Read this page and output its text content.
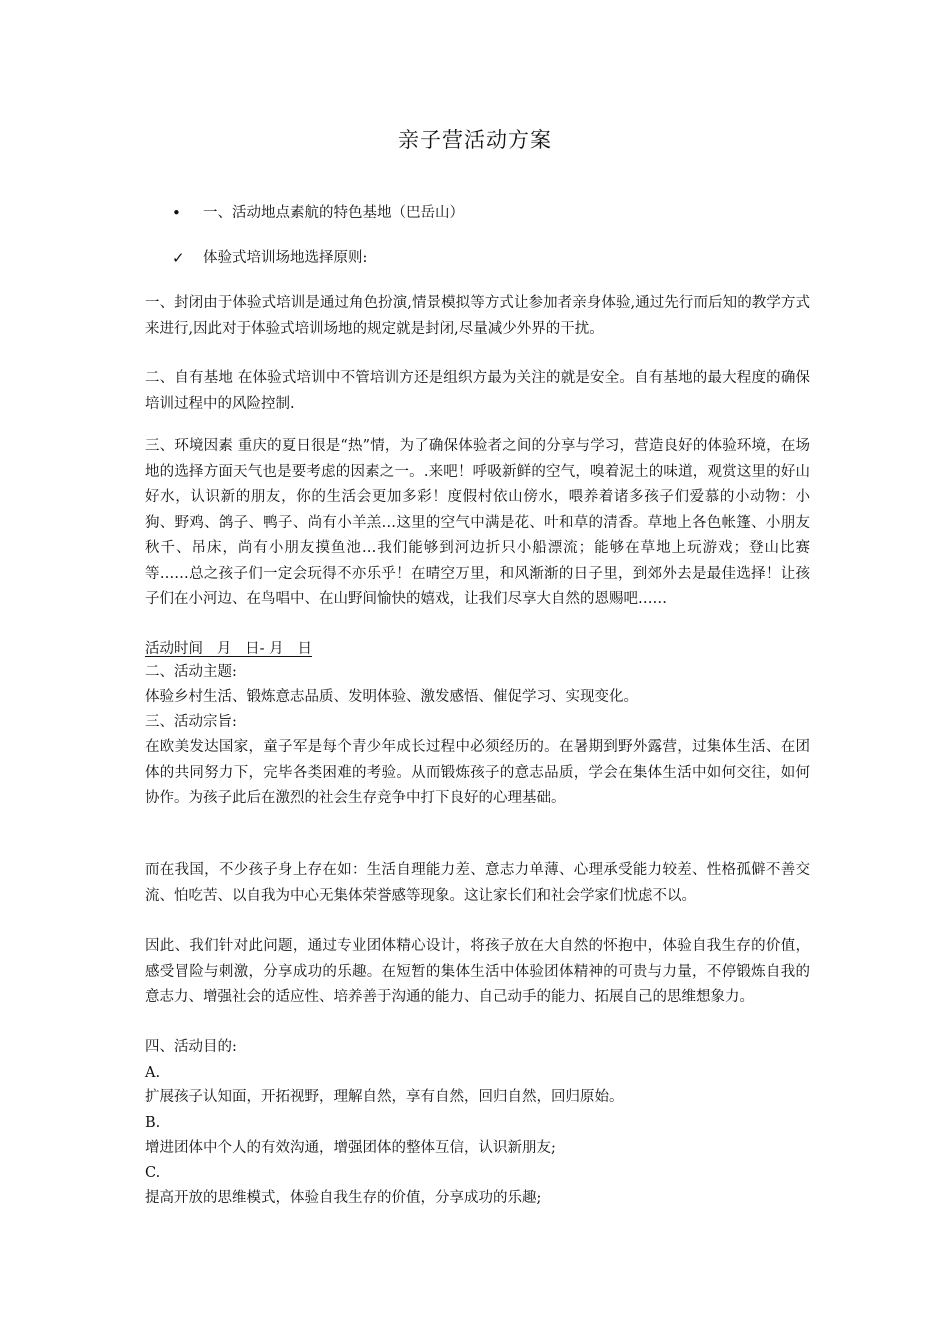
亲子营活动方案
• 一、活动地点素航的特色基地（巴岳山）
✓ 体验式培训场地选择原则:
一、封闭由于体验式培训是通过角色扮演,情景模拟等方式让参加者亲身体验,通过先行而后知的教学方式来进行,因此对于体验式培训场地的规定就是封闭,尽量减少外界的干扰。
二、自有基地 在体验式培训中不管培训方还是组织方最为关注的就是安全。自有基地的最大程度的确保培训过程中的风险控制.
三、环境因素 重庆的夏日很是“热”情，为了确保体验者之间的分享与学习，营造良好的体验环境，在场地的选择方面天气也是要考虑的因素之一。.来吧！呼吸新鲜的空气，嗅着泥土的味道，观赏这里的好山好水，认识新的朋友，你的生活会更加多彩！度假村依山傍水，喂养着诸多孩子们爱慕的小动物：小狗、野鸡、鸽子、鸭子、尚有小羊羔…这里的空气中满是花、叶和草的清香。草地上各色帐篷、小朋友秋千、吊床，尚有小朋友摸鱼池…我们能够到河边折只小船漂流；能够在草地上玩游戏；登山比赛等……总之孩子们一定会玩得不亦乐乎！在晴空万里，和风渐渐的日子里，到郊外去是最佳选择！让孩子们在小河边、在鸟唱中、在山野间愉快的嬉戏，让我们尽享大自然的恩赐吧……
活动时间   月   日- 月   日
二、活动主题:
体验乡村生活、锻炼意志品质、发明体验、激发感悟、催促学习、实现变化。
三、活动宗旨:
在欧美发达国家，童子军是每个青少年成长过程中必须经历的。在暑期到野外露营，过集体生活、在团体的共同努力下，完毕各类困难的考验。从而锻炼孩子的意志品质，学会在集体生活中如何交往，如何协作。为孩子此后在激烈的社会生存竞争中打下良好的心理基础。
而在我国，不少孩子身上存在如：生活自理能力差、意志力单薄、心理承受能力较差、性格孤僻不善交流、怕吃苦、以自我为中心无集体荣誉感等现象。这让家长们和社会学家们忧虑不以。
因此、我们针对此问题，通过专业团体精心设计，将孩子放在大自然的怀抱中，体验自我生存的价值，感受冒险与刺激，分享成功的乐趣。在短暂的集体生活中体验团体精神的可贵与力量，不停锻炼自我的意志力、增强社会的适应性、培养善于沟通的能力、自己动手的能力、拓展自己的思维想象力。
四、活动目的:
A.
扩展孩子认知面，开拓视野，理解自然，享有自然，回归自然，回归原始。
B.
增进团体中个人的有效沟通，增强团体的整体互信，认识新朋友;
C.
提高开放的思维模式，体验自我生存的价值，分享成功的乐趣;
